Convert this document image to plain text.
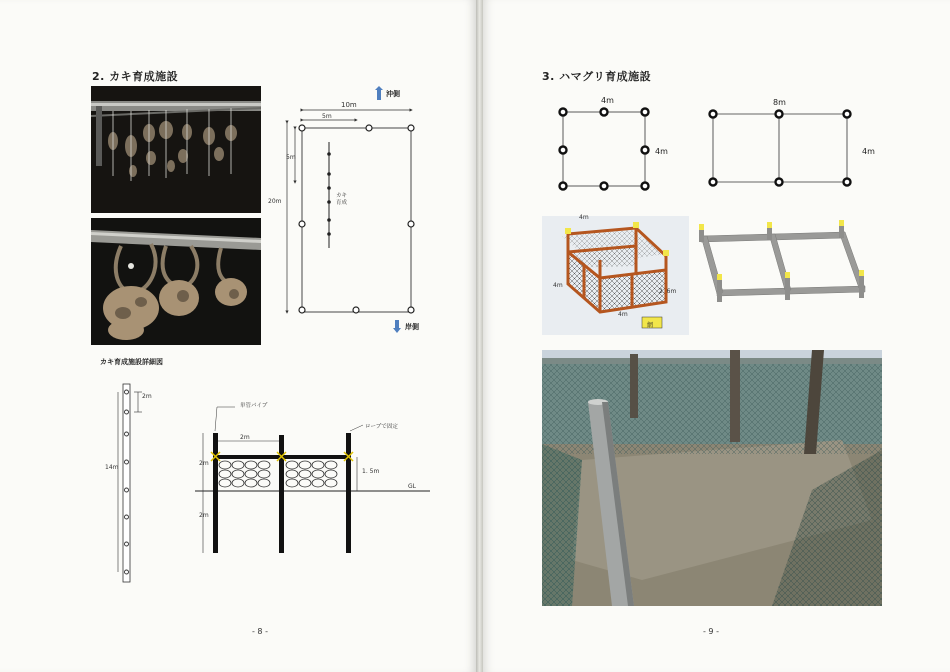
2. カキ育成施設
10m
5m
20m
5m
沖側
岸側
カキ
育成
カキ育成施設詳細図
2m
14m
単管パイプ
ロープで固定
2m
2m
2m
1. 5m
GL
- 8 -
3. ハマグリ育成施設
4m
4m
8m
4m
4m
4m
2. 6m
4m
網
- 9 -
